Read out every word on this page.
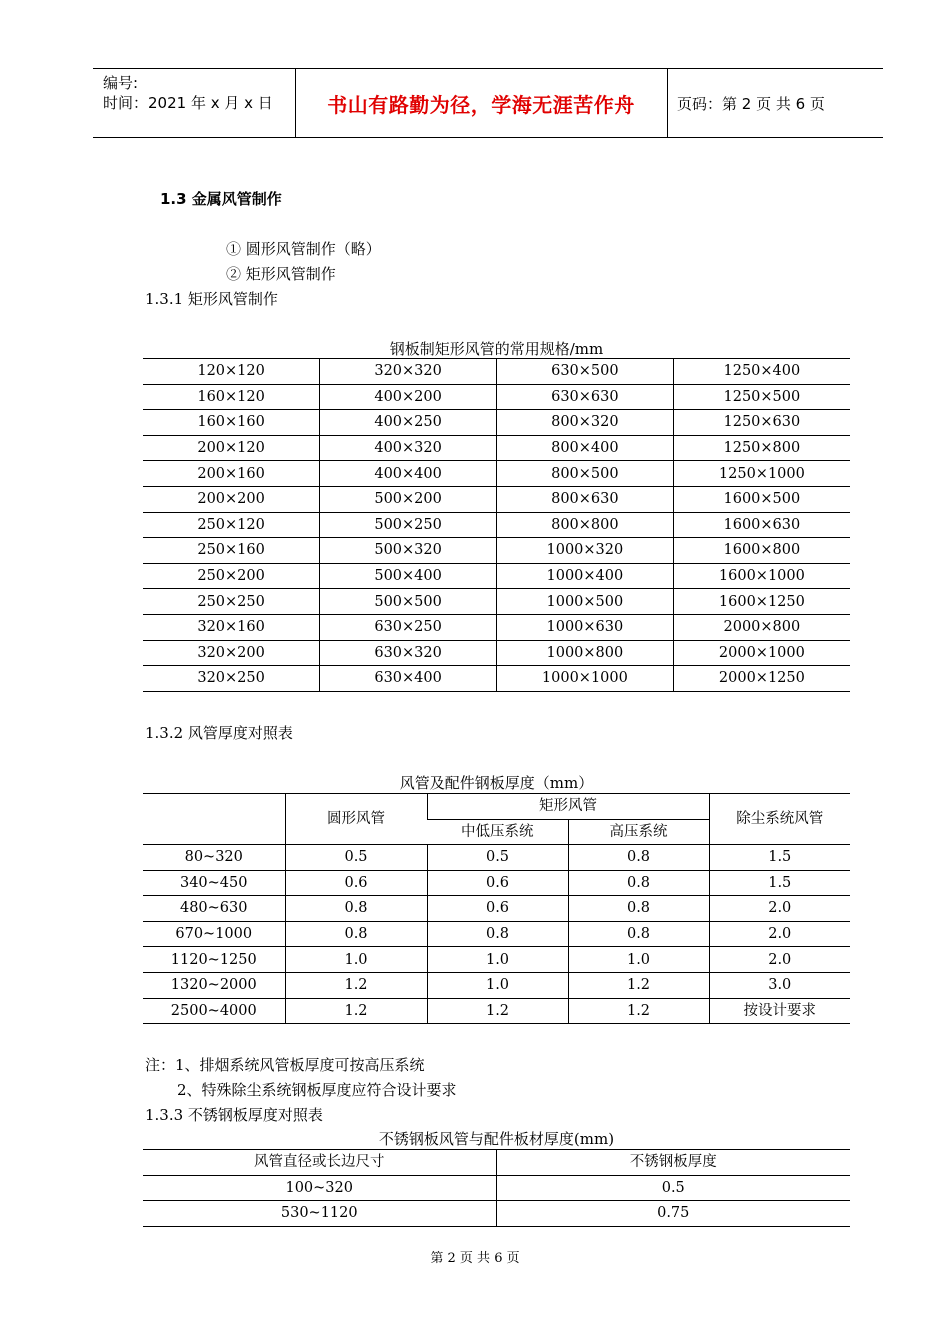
编号:
时间：2021 年 x 月 x 日	书山有路勤为径，学海无涯苦作舟	页码：第 2 页 共 6 页
1.3 金属风管制作
① 圆形风管制作（略）
② 矩形风管制作
1.3.1 矩形风管制作
钢板制矩形风管的常用规格/mm
120×120	320×320	630×500	1250×400
160×120	400×200	630×630	1250×500
160×160	400×250	800×320	1250×630
200×120	400×320	800×400	1250×800
200×160	400×400	800×500	1250×1000
200×200	500×200	800×630	1600×500
250×120	500×250	800×800	1600×630
250×160	500×320	1000×320	1600×800
250×200	500×400	1000×400	1600×1000
250×250	500×500	1000×500	1600×1250
320×160	630×250	1000×630	2000×800
320×200	630×320	1000×800	2000×1000
320×250	630×400	1000×1000	2000×1250
1.3.2 风管厚度对照表
风管及配件钢板厚度（mm）
	圆形风管	矩形风管		除尘系统风管
		中低压系统	高压系统	
80~320	0.5	0.5	0.8	1.5
340~450	0.6	0.6	0.8	1.5
480~630	0.8	0.6	0.8	2.0
670~1000	0.8	0.8	0.8	2.0
1120~1250	1.0	1.0	1.0	2.0
1320~2000	1.2	1.0	1.2	3.0
2500~4000	1.2	1.2	1.2	按设计要求
注：1、排烟系统风管板厚度可按高压系统
2、特殊除尘系统钢板厚度应符合设计要求
1.3.3 不锈钢板厚度对照表
不锈钢板风管与配件板材厚度(mm)
风管直径或长边尺寸	不锈钢板厚度
100~320	0.5
530~1120	0.75
第 2 页 共 6 页
